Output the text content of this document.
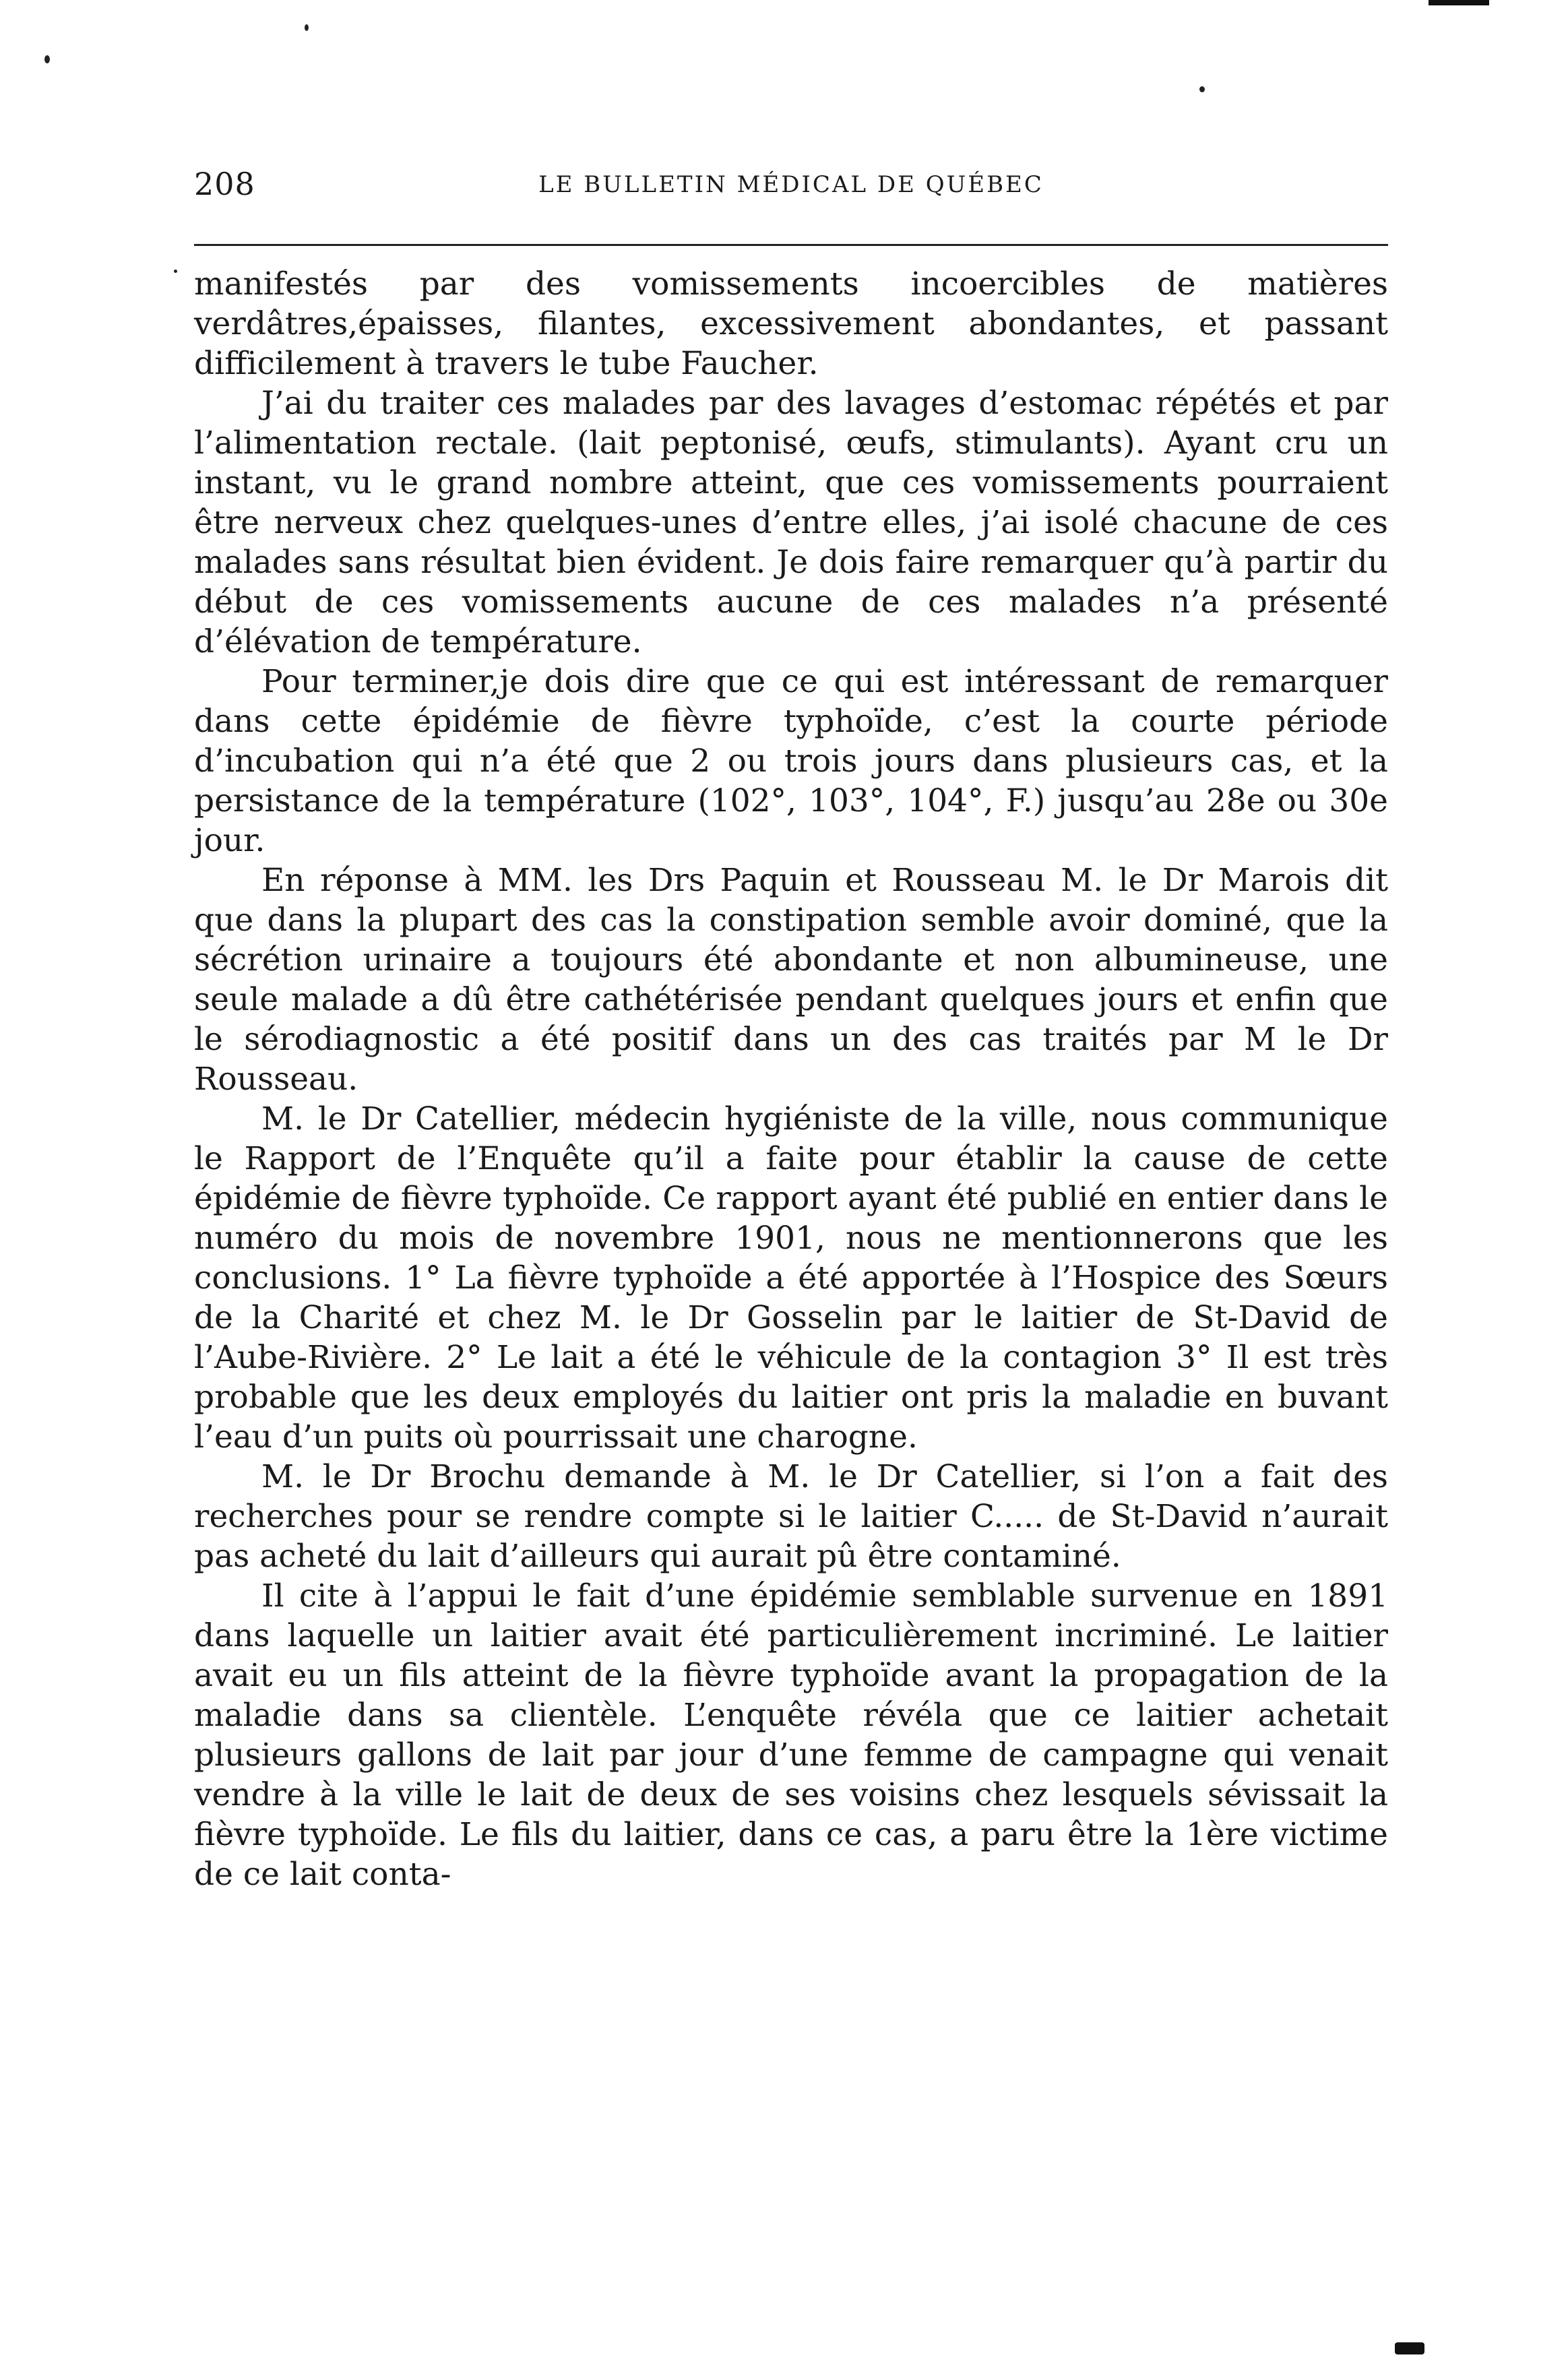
208	LE BULLETIN MÉDICAL DE QUÉBEC

manifestés par des vomissements incoercibles de matières verdâtres,épaisses, filantes, excessivement abondantes, et passant difficilement à travers le tube Faucher.

J’ai du traiter ces malades par des lavages d’estomac répétés et par l’alimentation rectale. (lait peptonisé, œufs, stimulants). Ayant cru un instant, vu le grand nombre atteint, que ces vomissements pourraient être nerveux chez quelques-unes d’entre elles, j’ai isolé chacune de ces malades sans résultat bien évident. Je dois faire remarquer qu’à partir du début de ces vomissements aucune de ces malades n’a présenté d’élévation de température.

Pour terminer,je dois dire que ce qui est intéressant de remarquer dans cette épidémie de fièvre typhoïde, c’est la courte période d’incubation qui n’a été que 2 ou trois jours dans plusieurs cas, et la persistance de la température (102°, 103°, 104°, F.) jusqu’au 28e ou 30e jour.

En réponse à MM. les Drs Paquin et Rousseau M. le Dr Marois dit que dans la plupart des cas la constipation semble avoir dominé, que la sécrétion urinaire a toujours été abondante et non albumineuse, une seule malade a dû être cathétérisée pendant quelques jours et enfin que le sérodiagnostic a été positif dans un des cas traités par M le Dr Rousseau.

M. le Dr Catellier, médecin hygiéniste de la ville, nous communique le Rapport de l’Enquête qu’il a faite pour établir la cause de cette épidémie de fièvre typhoïde. Ce rapport ayant été publié en entier dans le numéro du mois de novembre 1901, nous ne mentionnerons que les conclusions. 1° La fièvre typhoïde a été apportée à l’Hospice des Sœurs de la Charité et chez M. le Dr Gosselin par le laitier de St-David de l’Aube-Rivière. 2° Le lait a été le véhicule de la contagion 3° Il est très probable que les deux employés du laitier ont pris la maladie en buvant l’eau d’un puits où pourrissait une charogne.

M. le Dr Brochu demande à M. le Dr Catellier, si l’on a fait des recherches pour se rendre compte si le laitier C..... de St-David n’aurait pas acheté du lait d’ailleurs qui aurait pû être contaminé.

Il cite à l’appui le fait d’une épidémie semblable survenue en 1891 dans laquelle un laitier avait été particulièrement incriminé. Le laitier avait eu un fils atteint de la fièvre typhoïde avant la propagation de la maladie dans sa clientèle. L’enquête révéla que ce laitier achetait plusieurs gallons de lait par jour d’une femme de campagne qui venait vendre à la ville le lait de deux de ses voisins chez lesquels sévissait la fièvre typhoïde. Le fils du laitier, dans ce cas, a paru être la 1ère victime de ce lait conta-
